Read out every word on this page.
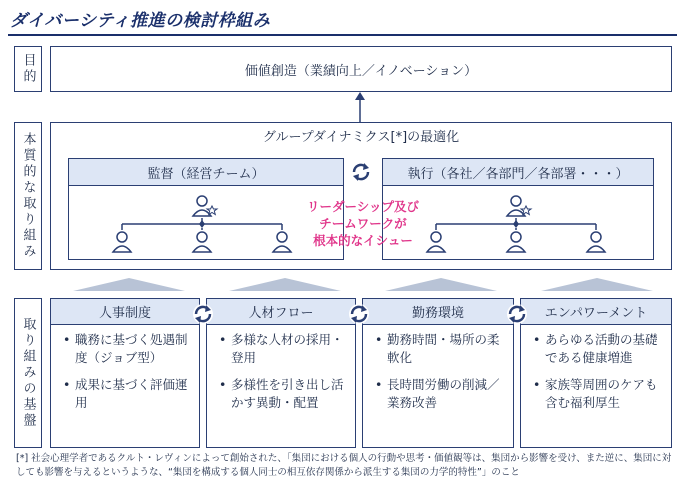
ダイバーシティ推進の検討枠組み
目的	価値創造（業績向上／イノベーション）
本質的な取り組み	グループダイナミクス[*]の最適化
監督（経営チーム）	執行（各社／各部門／各部署・・・）
リーダーシップ及び
チームワークが
根本的なイシュー
取り組みの基盤
人事制度
• 職務に基づく処遇制度（ジョブ型）
• 成果に基づく評価運用
人材フロー
• 多様な人材の採用・登用
• 多様性を引き出し活かす異動・配置
勤務環境
• 勤務時間・場所の柔軟化
• 長時間労働の削減／業務改善
エンパワーメント
• あらゆる活動の基礎である健康増進
• 家族等周囲のケアも含む福利厚生
[*] 社会心理学者であるクルト・レヴィンによって創始された、「集団における個人の行動や思考・価値観等は、集団から影響を受け、また逆に、集団に対しても影響を与えるというような、“集団を構成する個人同士の相互依存関係から派生する集団の力学的特性”」のこと
